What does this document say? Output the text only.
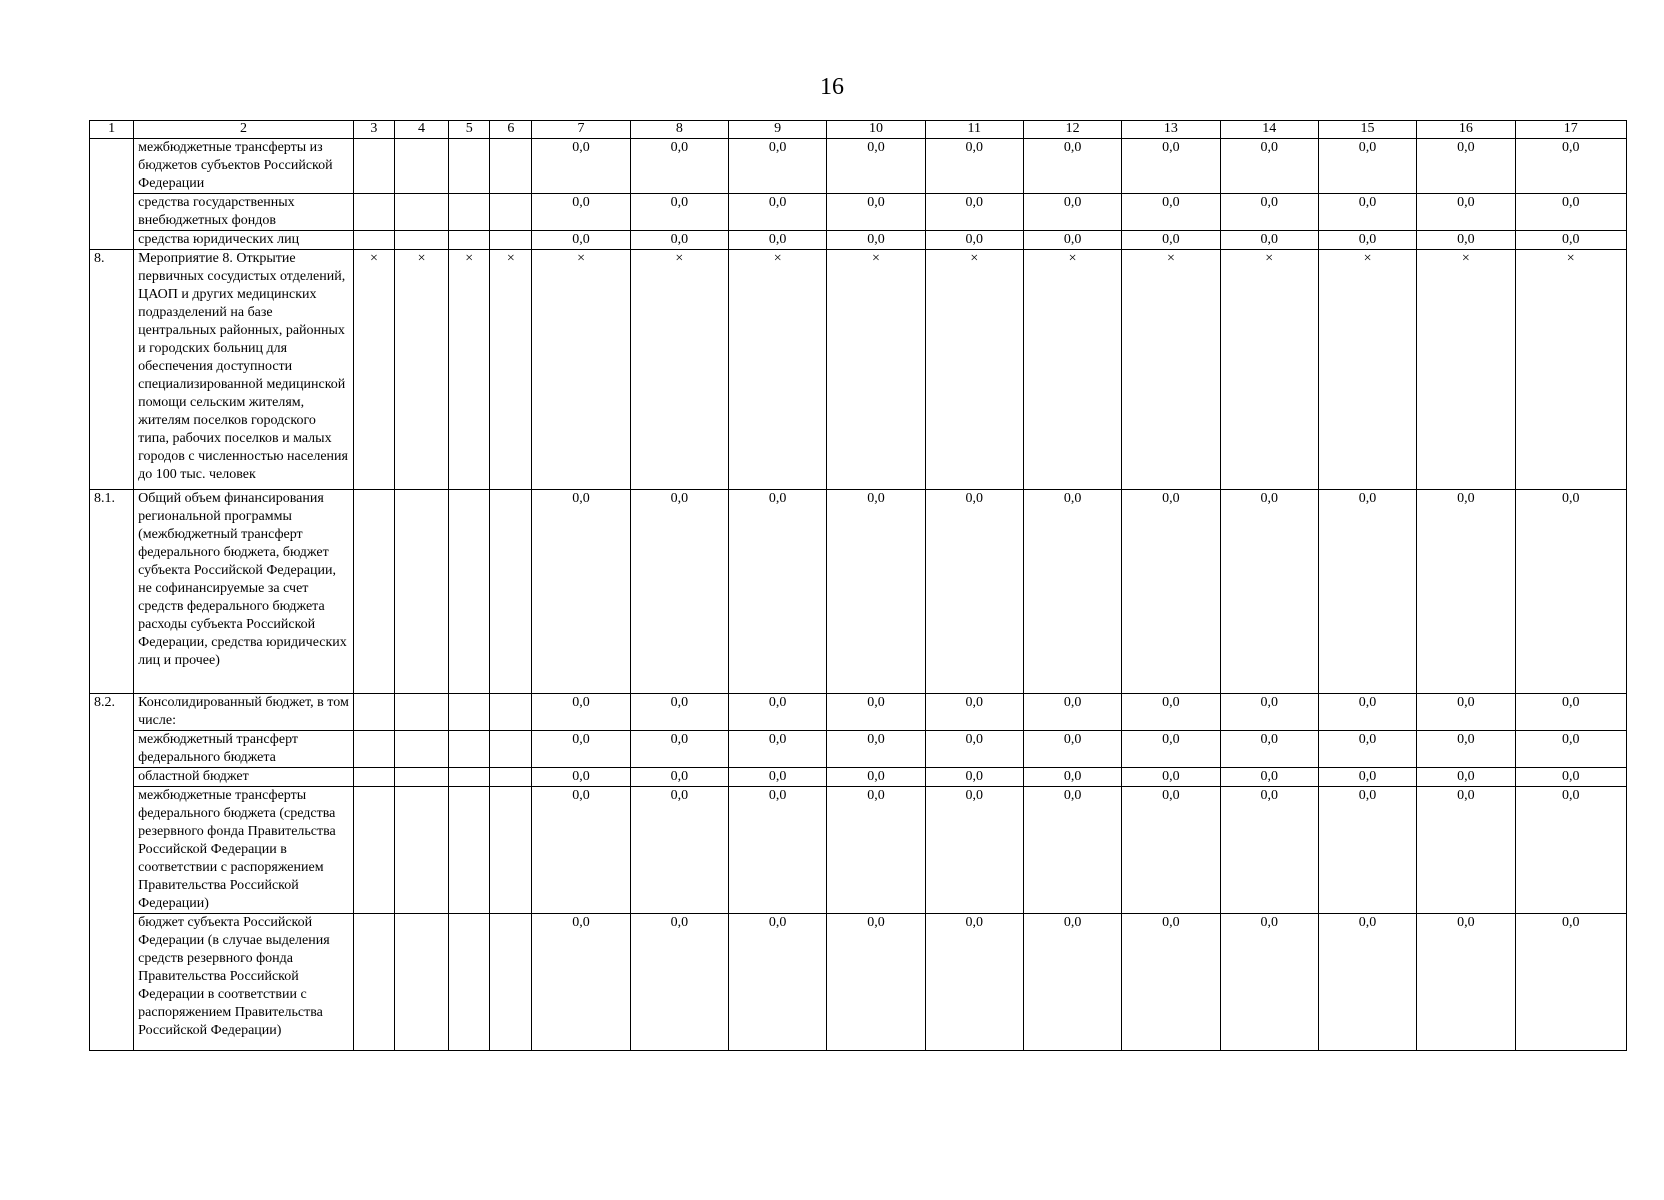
16
1	2	3	4	5	6	7	8	9	10	11	12	13	14	15	16	17
	межбюджетные трансферты из бюджетов субъектов Российской Федерации					0,0	0,0	0,0	0,0	0,0	0,0	0,0	0,0	0,0	0,0	0,0
	средства государственных внебюджетных фондов					0,0	0,0	0,0	0,0	0,0	0,0	0,0	0,0	0,0	0,0	0,0
	средства юридических лиц					0,0	0,0	0,0	0,0	0,0	0,0	0,0	0,0	0,0	0,0	0,0
8.	Мероприятие 8. Открытие первичных сосудистых отделений, ЦАОП и других медицинских подразделений на базе центральных районных, районных и городских больниц для обеспечения доступности специализированной медицинской помощи сельским жителям, жителям поселков городского типа, рабочих поселков и малых городов с численностью населения до 100 тыс. человек	×	×	×	×	×	×	×	×	×	×	×	×	×	×	×
8.1.	Общий объем финансирования региональной программы (межбюджетный трансферт федерального бюджета, бюджет субъекта Российской Федерации, не софинансируемые за счет средств федерального бюджета расходы субъекта Российской Федерации, средства юридических лиц и прочее)					0,0	0,0	0,0	0,0	0,0	0,0	0,0	0,0	0,0	0,0	0,0
8.2.	Консолидированный бюджет, в том числе:					0,0	0,0	0,0	0,0	0,0	0,0	0,0	0,0	0,0	0,0	0,0
	межбюджетный трансферт федерального бюджета					0,0	0,0	0,0	0,0	0,0	0,0	0,0	0,0	0,0	0,0	0,0
	областной бюджет					0,0	0,0	0,0	0,0	0,0	0,0	0,0	0,0	0,0	0,0	0,0
	межбюджетные трансферты федерального бюджета (средства резервного фонда Правительства Российской Федерации в соответствии с распоряжением Правительства Российской Федерации)					0,0	0,0	0,0	0,0	0,0	0,0	0,0	0,0	0,0	0,0	0,0
	бюджет субъекта Российской Федерации (в случае выделения средств резервного фонда Правительства Российской Федерации в соответствии с распоряжением Правительства Российской Федерации)					0,0	0,0	0,0	0,0	0,0	0,0	0,0	0,0	0,0	0,0	0,0
